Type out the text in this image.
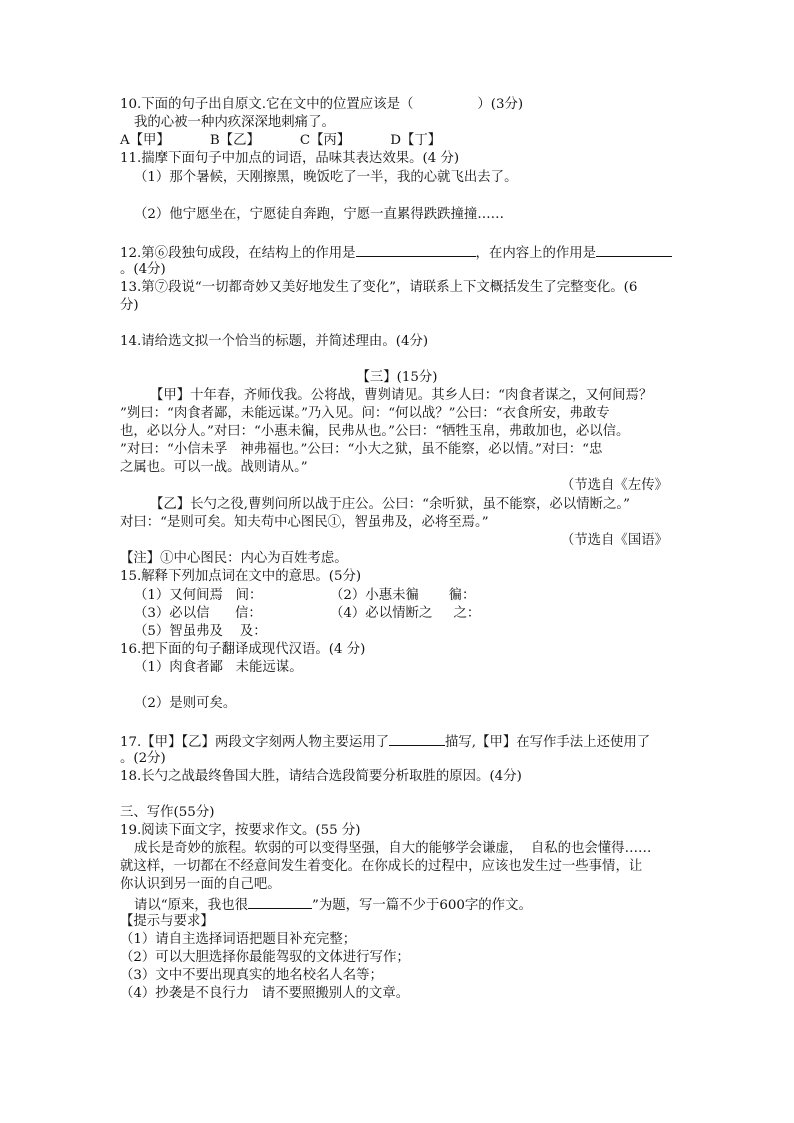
10.下面的句子出自原文.它在文中的位置应该是（	）(3分)
我的心被一种内疚深深地刺痛了。
A【甲】	B【乙】	C【丙】	D【丁】
11.揣摩下面句子中加点的词语，品味其表达效果。(4 分)
（1）那个暑候，天刚擦黑，晚饭吃了一半，我的心就飞出去了。
（2）他宁愿坐在，宁愿徒自奔跑，宁愿一直累得跌跌撞撞……
12.第⑥段独句成段，在结构上的作用是	，在内容上的作用是
。(4分)
13.第⑦段说“一切都奇妙又美好地发生了变化”，请联系上下文概括发生了完整变化。(6
分)
14.请给选文拟一个恰当的标题，并简述理由。(4分)
【三】(15分)
【甲】十年春，齐师伐我。公将战，曹刿请见。其乡人曰：“肉食者谋之，又何间焉？
”刿曰：“肉食者鄙，未能远谋。”乃入见。问：“何以战？”公曰：“衣食所安，弗敢专
也，必以分人。”对曰：“小惠未徧，民弗从也。”公曰：“牺牲玉帛，弗敢加也，必以信。
”对曰：“小信未孚   神弗福也。”公曰：“小大之狱，虽不能察，必以情。”对曰：“忠
之属也。可以一战。战则请从。”
（节选自《左传》
【乙】长勺之役,曹刿问所以战于庄公。公曰：“余听狱，虽不能察，必以情断之。”
对曰：“是则可矣。知夫苟中心图民①，智虽弗及，必将至焉。”
（节选自《国语》
【注】①中心图民：内心为百姓考虑。
15.解释下列加点词在文中的意思。(5分)
（1）又何间焉   间：	（2）小惠未徧       徧：
（3）必以信      信：	（4）必以情断之     之：
（5）智虽弗及    及：
16.把下面的句子翻译成现代汉语。(4 分)
（1）肉食者鄙   未能远谋。
（2）是则可矣。
17.【甲】【乙】两段文字刻两人物主要运用了	描写,【甲】在写作手法上还使用了
。(2分)
18.长勺之战最终鲁国大胜，请结合选段简要分析取胜的原因。(4分)
三、写作(55分)
19.阅读下面文字，按要求作文。(55 分)
成长是奇妙的旅程。软弱的可以变得坚强，自大的能够学会谦虚，  自私的也会懂得……
就这样，一切都在不经意间发生着变化。在你成长的过程中，应该也发生过一些事情，让
你认识到另一面的自己吧。
请以“原来，我也很	”为题，写一篇不少于600字的作文。
【提示与要求】
（1）请自主选择词语把题目补充完整；
（2）可以大胆选择你最能驾驭的文体进行写作；
（3）文中不要出现真实的地名校名人名等；
（4）抄袭是不良行力   请不要照搬别人的文章。
